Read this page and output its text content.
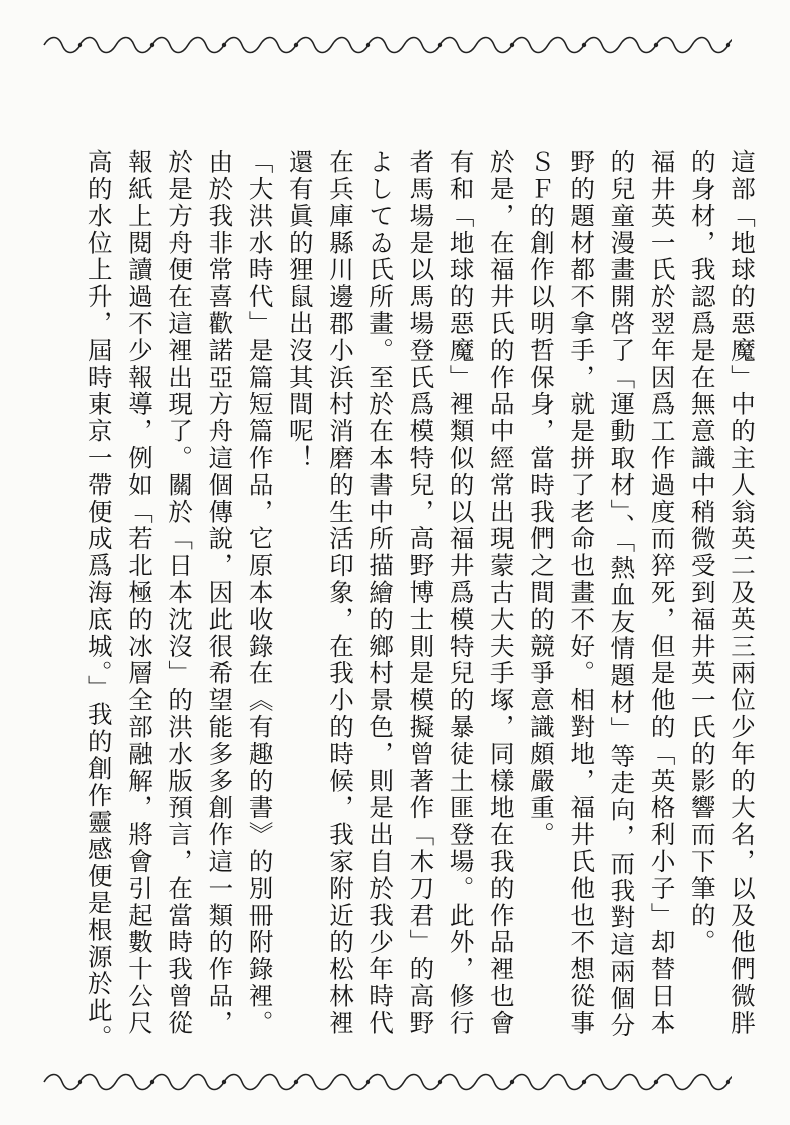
這部「地球的惡魔」中的主人翁英二及英三兩位少年的大名，以及他們微胖的身材，我認爲是在無意識中稍微受到福井英一氏的影響而下筆的。

福井英一氏於翌年因爲工作過度而猝死，但是他的「英格利小子」却替日本的兒童漫畫開啓了「運動取材」、「熱血友情題材」等走向，而我對這兩個分野的題材都不拿手，就是拼了老命也畫不好。相對地，福井氏他也不想從事ＳＦ的創作以明哲保身，當時我們之間的競爭意識頗嚴重。

於是，在福井氏的作品中經常出現蒙古大夫手塚，同樣地在我的作品裡也會有和「地球的惡魔」裡類似的以福井爲模特兒的暴徒土匪登場。此外，修行者馬場是以馬場登氏爲模特兒，高野博士則是模擬曾著作「木刀君」的高野よしてゐ氏所畫。至於在本書中所描繪的鄉村景色，則是出自於我少年時代在兵庫縣川邊郡小浜村消磨的生活印象，在我小的時候，我家附近的松林裡還有眞的狸鼠出沒其間呢！

「大洪水時代」是篇短篇作品，它原本收錄在《有趣的書》的別冊附錄裡。由於我非常喜歡諾亞方舟這個傳說，因此很希望能多多創作這一類的作品，於是方舟便在這裡出現了。關於「日本沈沒」的洪水版預言，在當時我曾從報紙上閱讀過不少報導，例如「若北極的冰層全部融解，將會引起數十公尺高的水位上升，屆時東京一帶便成爲海底城。」我的創作靈感便是根源於此。
